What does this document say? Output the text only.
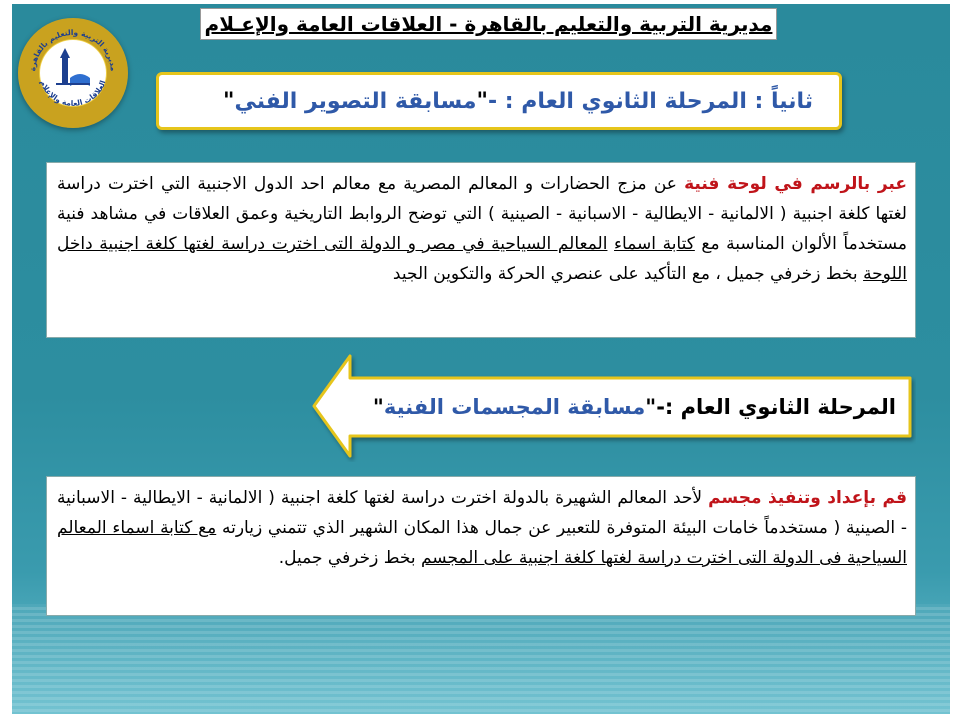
مديرية التربية والتعليم بالقاهرة
العلاقات العامة والإعلام
مديرية التربية والتعليم بالقاهرة - العلاقات العامة والإعـلام
ثانياً : المرحلة الثانوي العام : -
"
مسابقة التصوير الفني
"
عبر بالرسم في لوحة فنية عن مزج الحضارات و المعالم المصرية مع معالم احد الدول الاجنبية التي اخترت دراسة لغتها كلغة اجنبية ( الالمانية - الايطالية - الاسبانية - الصينية ) التي توضح الروابط التاريخية وعمق العلاقات في مشاهد فنية مستخدماً الألوان المناسبة مع كتابة اسماء المعالم السياحية في مصر و الدولة التى اخترت دراسة لغتها كلغة اجنبية داخل اللوحة بخط زخرفي جميل ، مع التأكيد على عنصري الحركة والتكوين الجيد
المرحلة الثانوي العام :-
"
مسابقة المجسمات الفنية
"
قم بإعداد وتنفيذ مجسم لأحد المعالم الشهيرة بالدولة اخترت دراسة لغتها كلغة اجنبية ( الالمانية - الايطالية - الاسبانية - الصينية ( مستخدماً خامات البيئة المتوفرة للتعبير عن جمال هذا المكان الشهير الذي تتمني زيارته مع كتابة اسماء المعالم السياحية فى الدولة التى اخترت دراسة لغتها كلغة اجنبية على المجسم بخط زخرفي جميل.
